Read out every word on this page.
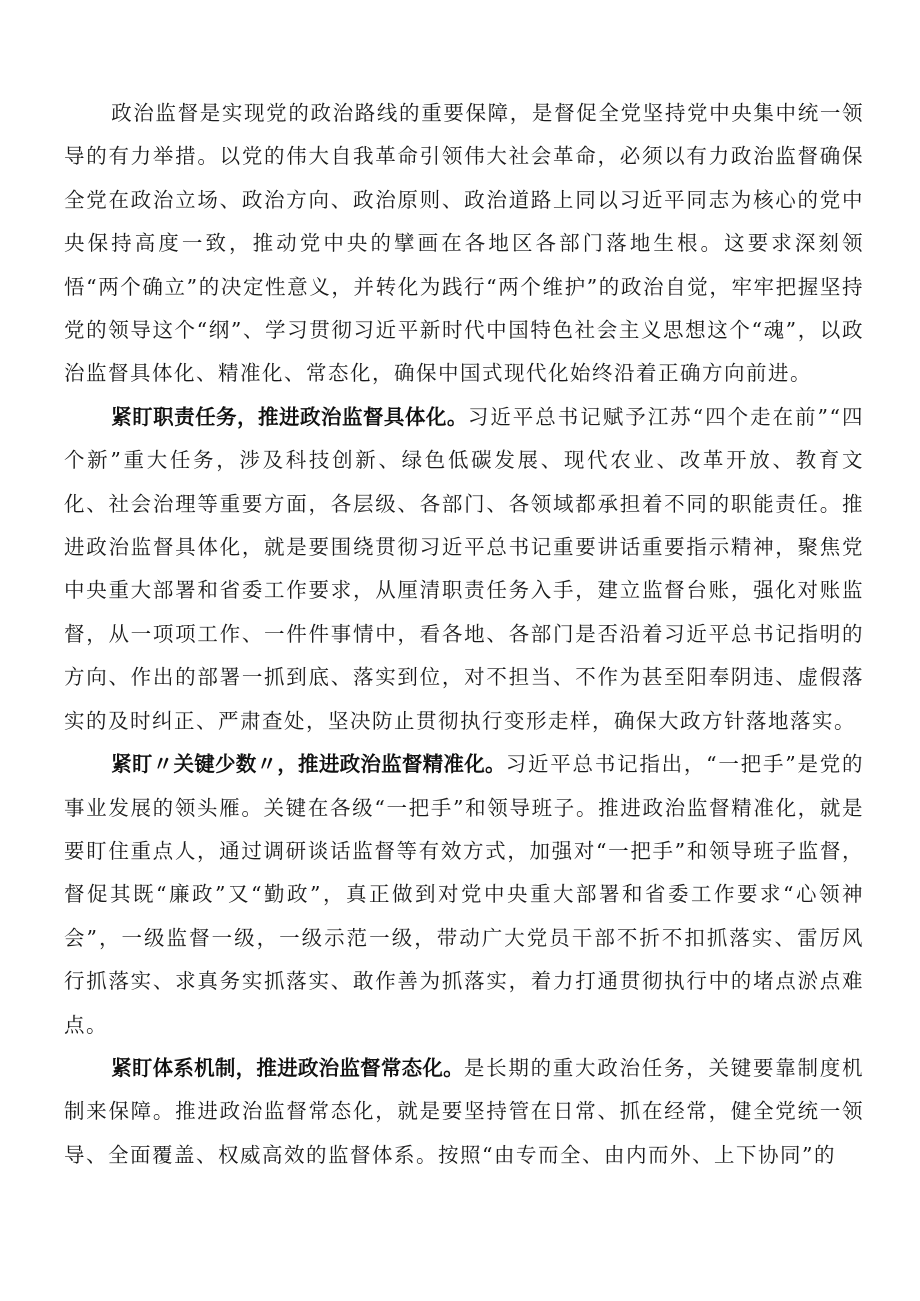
政治监督是实现党的政治路线的重要保障，是督促全党坚持党中央集中统一领导的有力举措。以党的伟大自我革命引领伟大社会革命，必须以有力政治监督确保全党在政治立场、政治方向、政治原则、政治道路上同以习近平同志为核心的党中央保持高度一致，推动党中央的擘画在各地区各部门落地生根。这要求深刻领悟“两个确立”的决定性意义，并转化为践行“两个维护”的政治自觉，牢牢把握坚持党的领导这个“纲”、学习贯彻习近平新时代中国特色社会主义思想这个“魂”，以政治监督具体化、精准化、常态化，确保中国式现代化始终沿着正确方向前进。

紧盯职责任务，推进政治监督具体化。习近平总书记赋予江苏“四个走在前”“四个新”重大任务，涉及科技创新、绿色低碳发展、现代农业、改革开放、教育文化、社会治理等重要方面，各层级、各部门、各领域都承担着不同的职能责任。推进政治监督具体化，就是要围绕贯彻习近平总书记重要讲话重要指示精神，聚焦党中央重大部署和省委工作要求，从厘清职责任务入手，建立监督台账，强化对账监督，从一项项工作、一件件事情中，看各地、各部门是否沿着习近平总书记指明的方向、作出的部署一抓到底、落实到位，对不担当、不作为甚至阳奉阴违、虚假落实的及时纠正、严肃查处，坚决防止贯彻执行变形走样，确保大政方针落地落实。

紧盯〃关键少数〃，推进政治监督精准化。习近平总书记指出，“一把手”是党的事业发展的领头雁。关键在各级“一把手”和领导班子。推进政治监督精准化，就是要盯住重点人，通过调研谈话监督等有效方式，加强对“一把手”和领导班子监督，督促其既“廉政”又“勤政”，真正做到对党中央重大部署和省委工作要求“心领神会”，一级监督一级，一级示范一级，带动广大党员干部不折不扣抓落实、雷厉风行抓落实、求真务实抓落实、敢作善为抓落实，着力打通贯彻执行中的堵点淤点难点。

紧盯体系机制，推进政治监督常态化。是长期的重大政治任务，关键要靠制度机制来保障。推进政治监督常态化，就是要坚持管在日常、抓在经常，健全党统一领导、全面覆盖、权威高效的监督体系。按照“由专而全、由内而外、上下协同”的
